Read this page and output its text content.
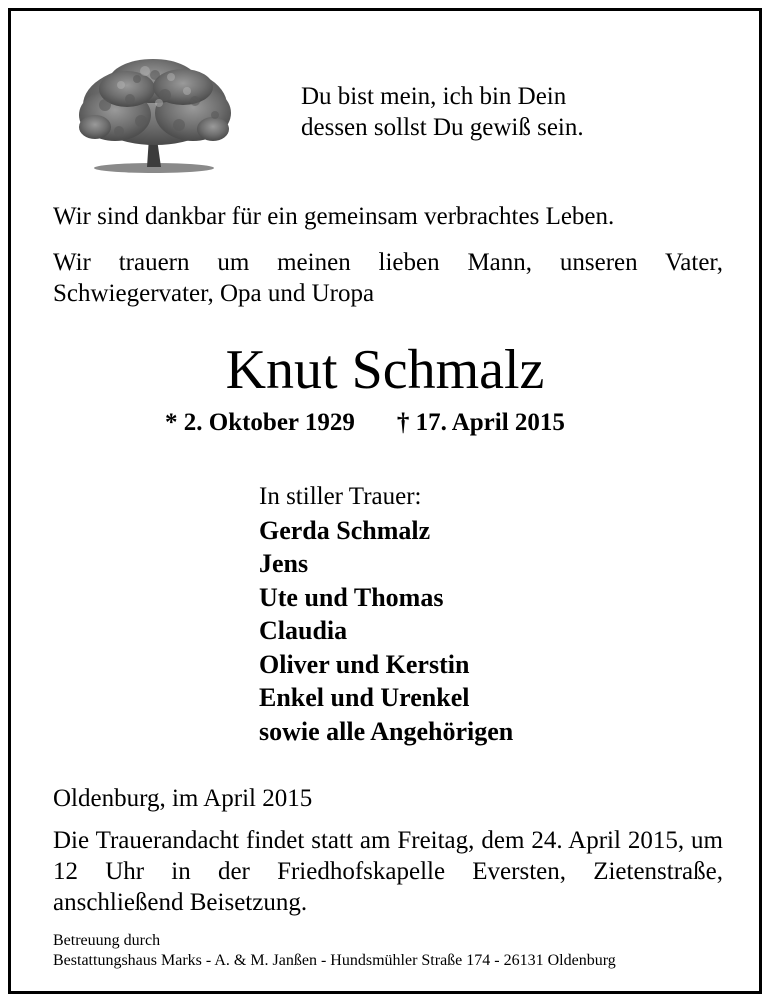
Du bist mein, ich bin Dein
dessen sollst Du gewiß sein.
Wir sind dankbar für ein gemeinsam verbrachtes Leben.
Wir trauern um meinen lieben Mann, unseren Vater, Schwiegervater, Opa und Uropa
Knut Schmalz
* 2. Oktober 1929 † 17. April 2015
In stiller Trauer:
Gerda Schmalz
Jens
Ute und Thomas
Claudia
Oliver und Kerstin
Enkel und Urenkel
sowie alle Angehörigen
Oldenburg, im April 2015
Die Trauerandacht findet statt am Freitag, dem 24. April 2015, um 12 Uhr in der Friedhofskapelle Eversten, Zietenstraße, anschließend Beisetzung.
Betreuung durch
Bestattungshaus Marks - A. & M. Janßen - Hundsmühler Straße 174 - 26131 Oldenburg
